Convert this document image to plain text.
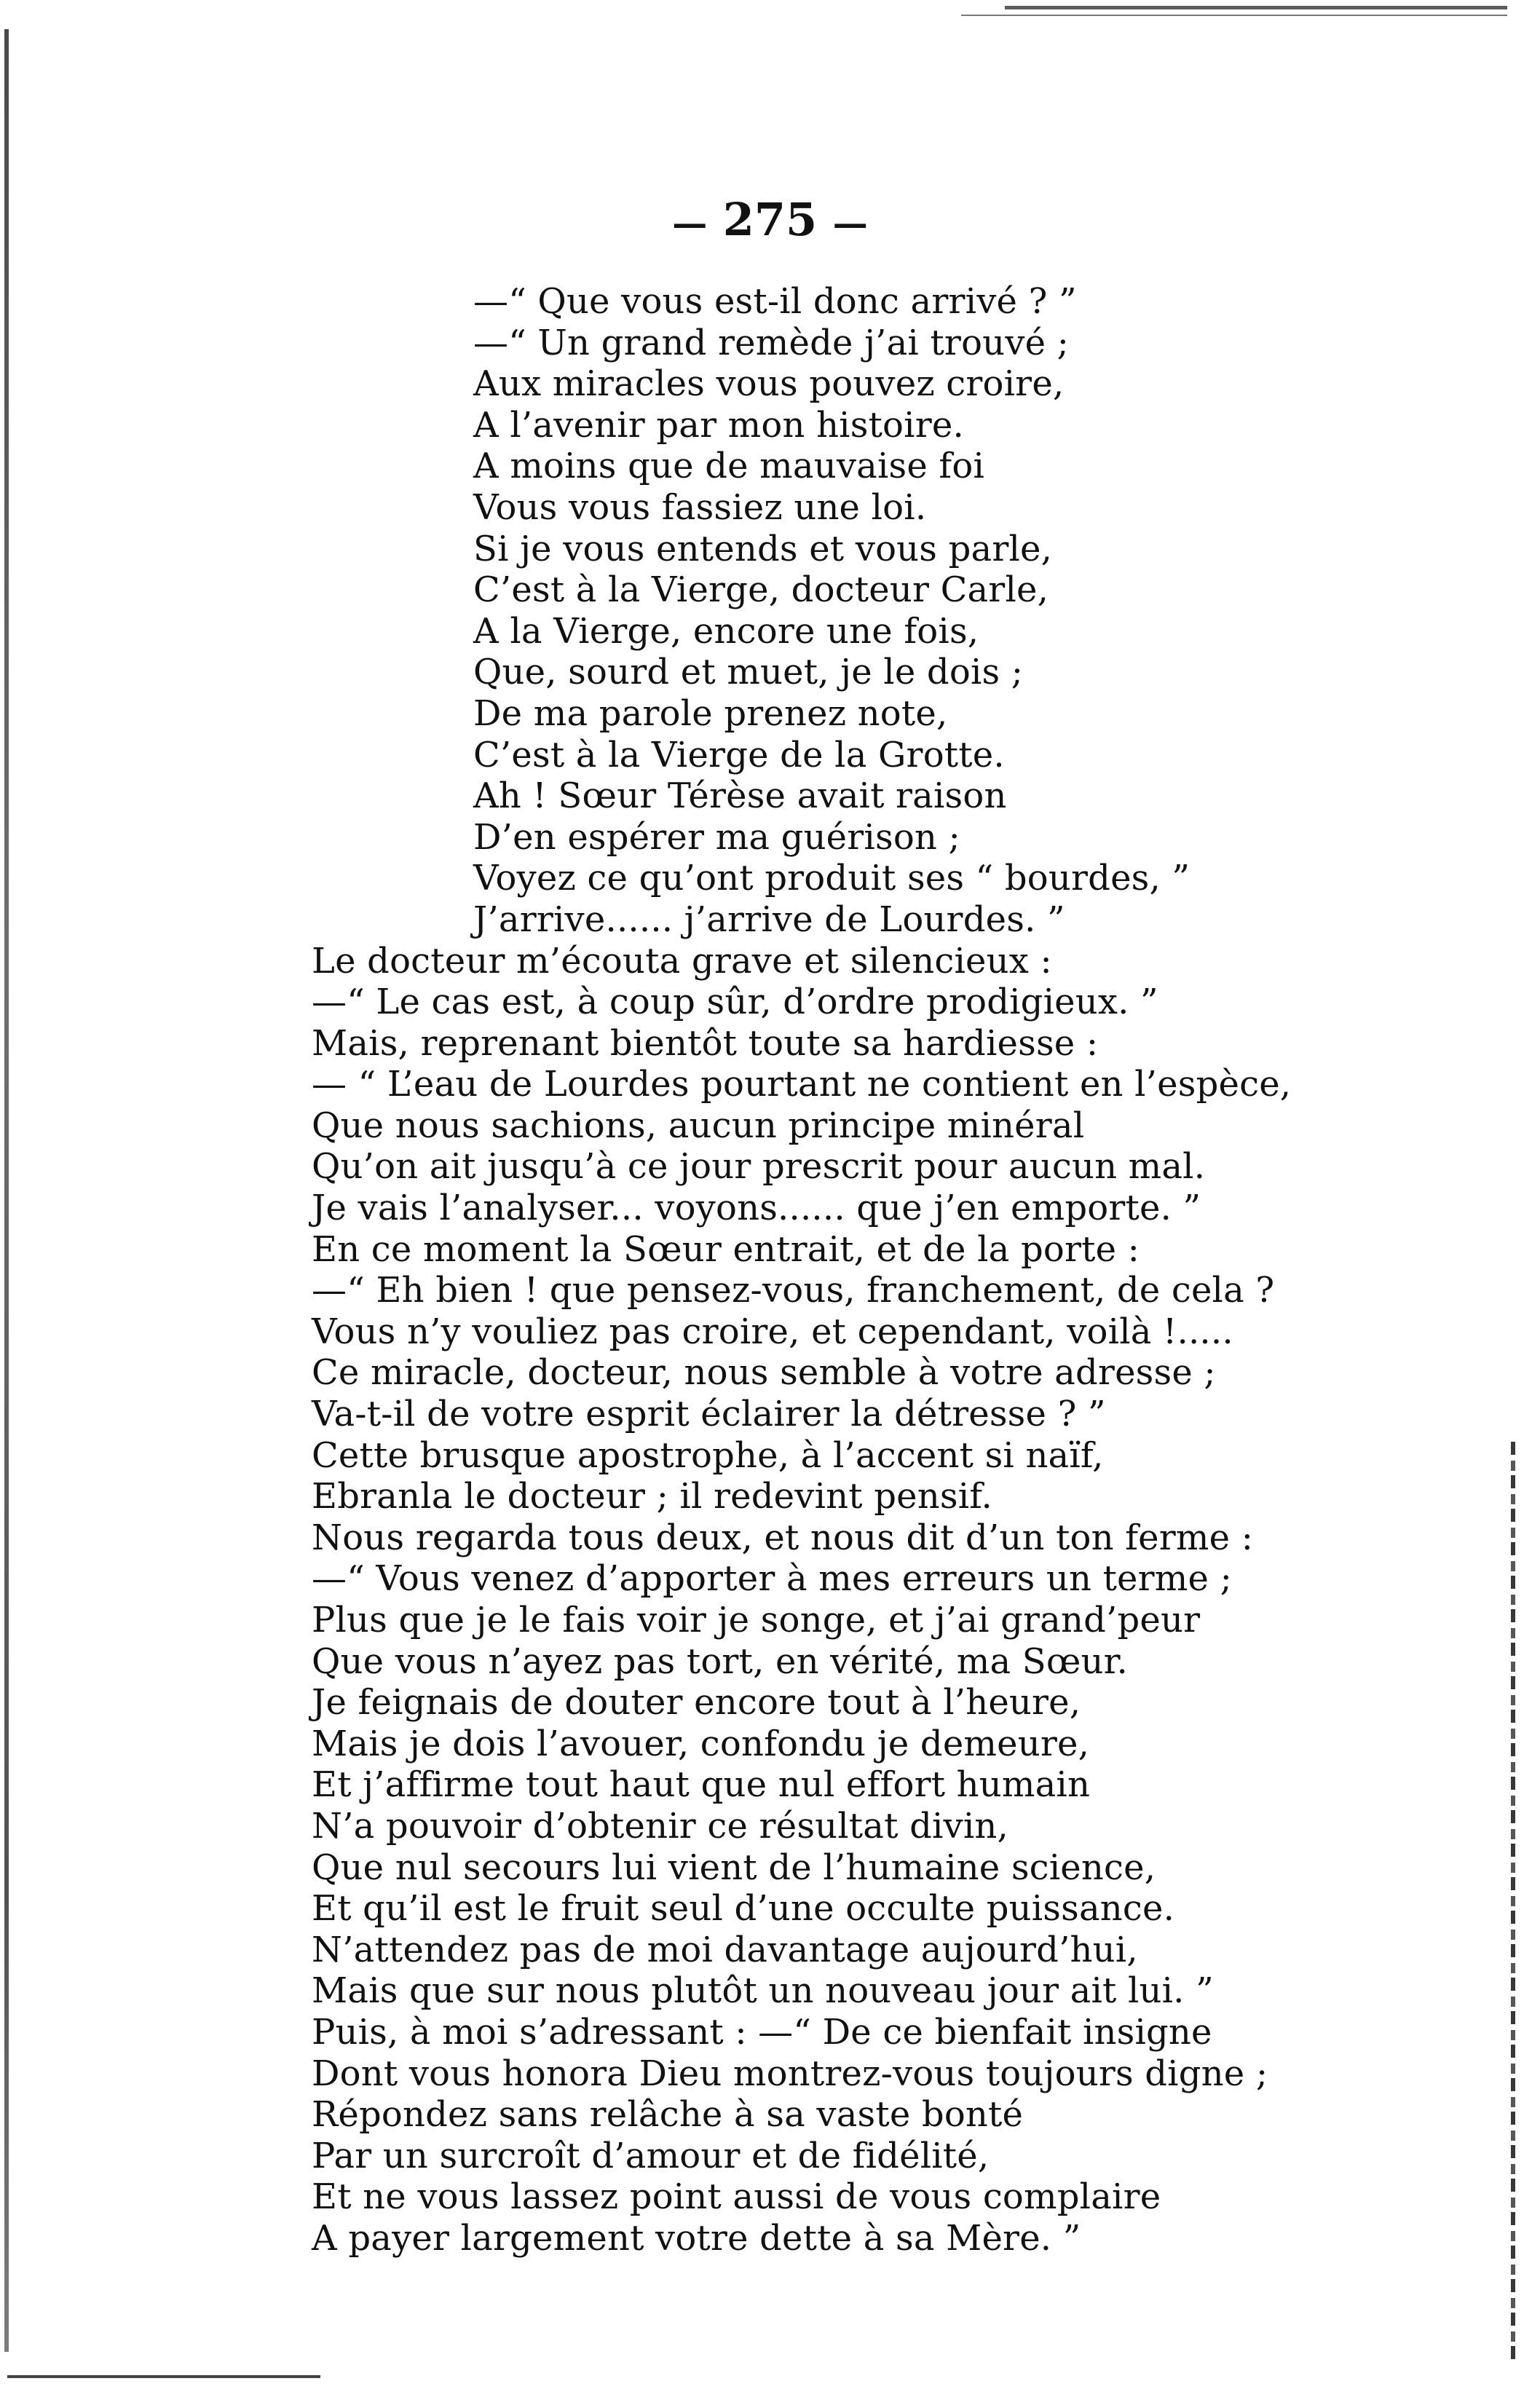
— 275 —
—“ Que vous est-il donc arrivé ? ”
—“ Un grand remède j’ai trouvé ;
Aux miracles vous pouvez croire,
A l’avenir par mon histoire.
A moins que de mauvaise foi
Vous vous fassiez une loi.
Si je vous entends et vous parle,
C’est à la Vierge, docteur Carle,
A la Vierge, encore une fois,
Que, sourd et muet, je le dois ;
De ma parole prenez note,
C’est à la Vierge de la Grotte.
Ah ! Sœur Térèse avait raison
D’en espérer ma guérison ;
Voyez ce qu’ont produit ses “ bourdes, ”
J’arrive...... j’arrive de Lourdes. ”
Le docteur m’écouta grave et silencieux :
—“ Le cas est, à coup sûr, d’ordre prodigieux. ”
Mais, reprenant bientôt toute sa hardiesse :
— “ L’eau de Lourdes pourtant ne contient en l’espèce,
Que nous sachions, aucun principe minéral
Qu’on ait jusqu’à ce jour prescrit pour aucun mal.
Je vais l’analyser... voyons...... que j’en emporte. ”
En ce moment la Sœur entrait, et de la porte :
—“ Eh bien ! que pensez-vous, franchement, de cela ?
Vous n’y vouliez pas croire, et cependant, voilà !.....
Ce miracle, docteur, nous semble à votre adresse ;
Va-t-il de votre esprit éclairer la détresse ? ”
Cette brusque apostrophe, à l’accent si naïf,
Ebranla le docteur ; il redevint pensif.
Nous regarda tous deux, et nous dit d’un ton ferme :
—“ Vous venez d’apporter à mes erreurs un terme ;
Plus que je le fais voir je songe, et j’ai grand’peur
Que vous n’ayez pas tort, en vérité, ma Sœur.
Je feignais de douter encore tout à l’heure,
Mais je dois l’avouer, confondu je demeure,
Et j’affirme tout haut que nul effort humain
N’a pouvoir d’obtenir ce résultat divin,
Que nul secours lui vient de l’humaine science,
Et qu’il est le fruit seul d’une occulte puissance.
N’attendez pas de moi davantage aujourd’hui,
Mais que sur nous plutôt un nouveau jour ait lui. ”
Puis, à moi s’adressant : —“ De ce bienfait insigne
Dont vous honora Dieu montrez-vous toujours digne ;
Répondez sans relâche à sa vaste bonté
Par un surcroît d’amour et de fidélité,
Et ne vous lassez point aussi de vous complaire
A payer largement votre dette à sa Mère. ”
